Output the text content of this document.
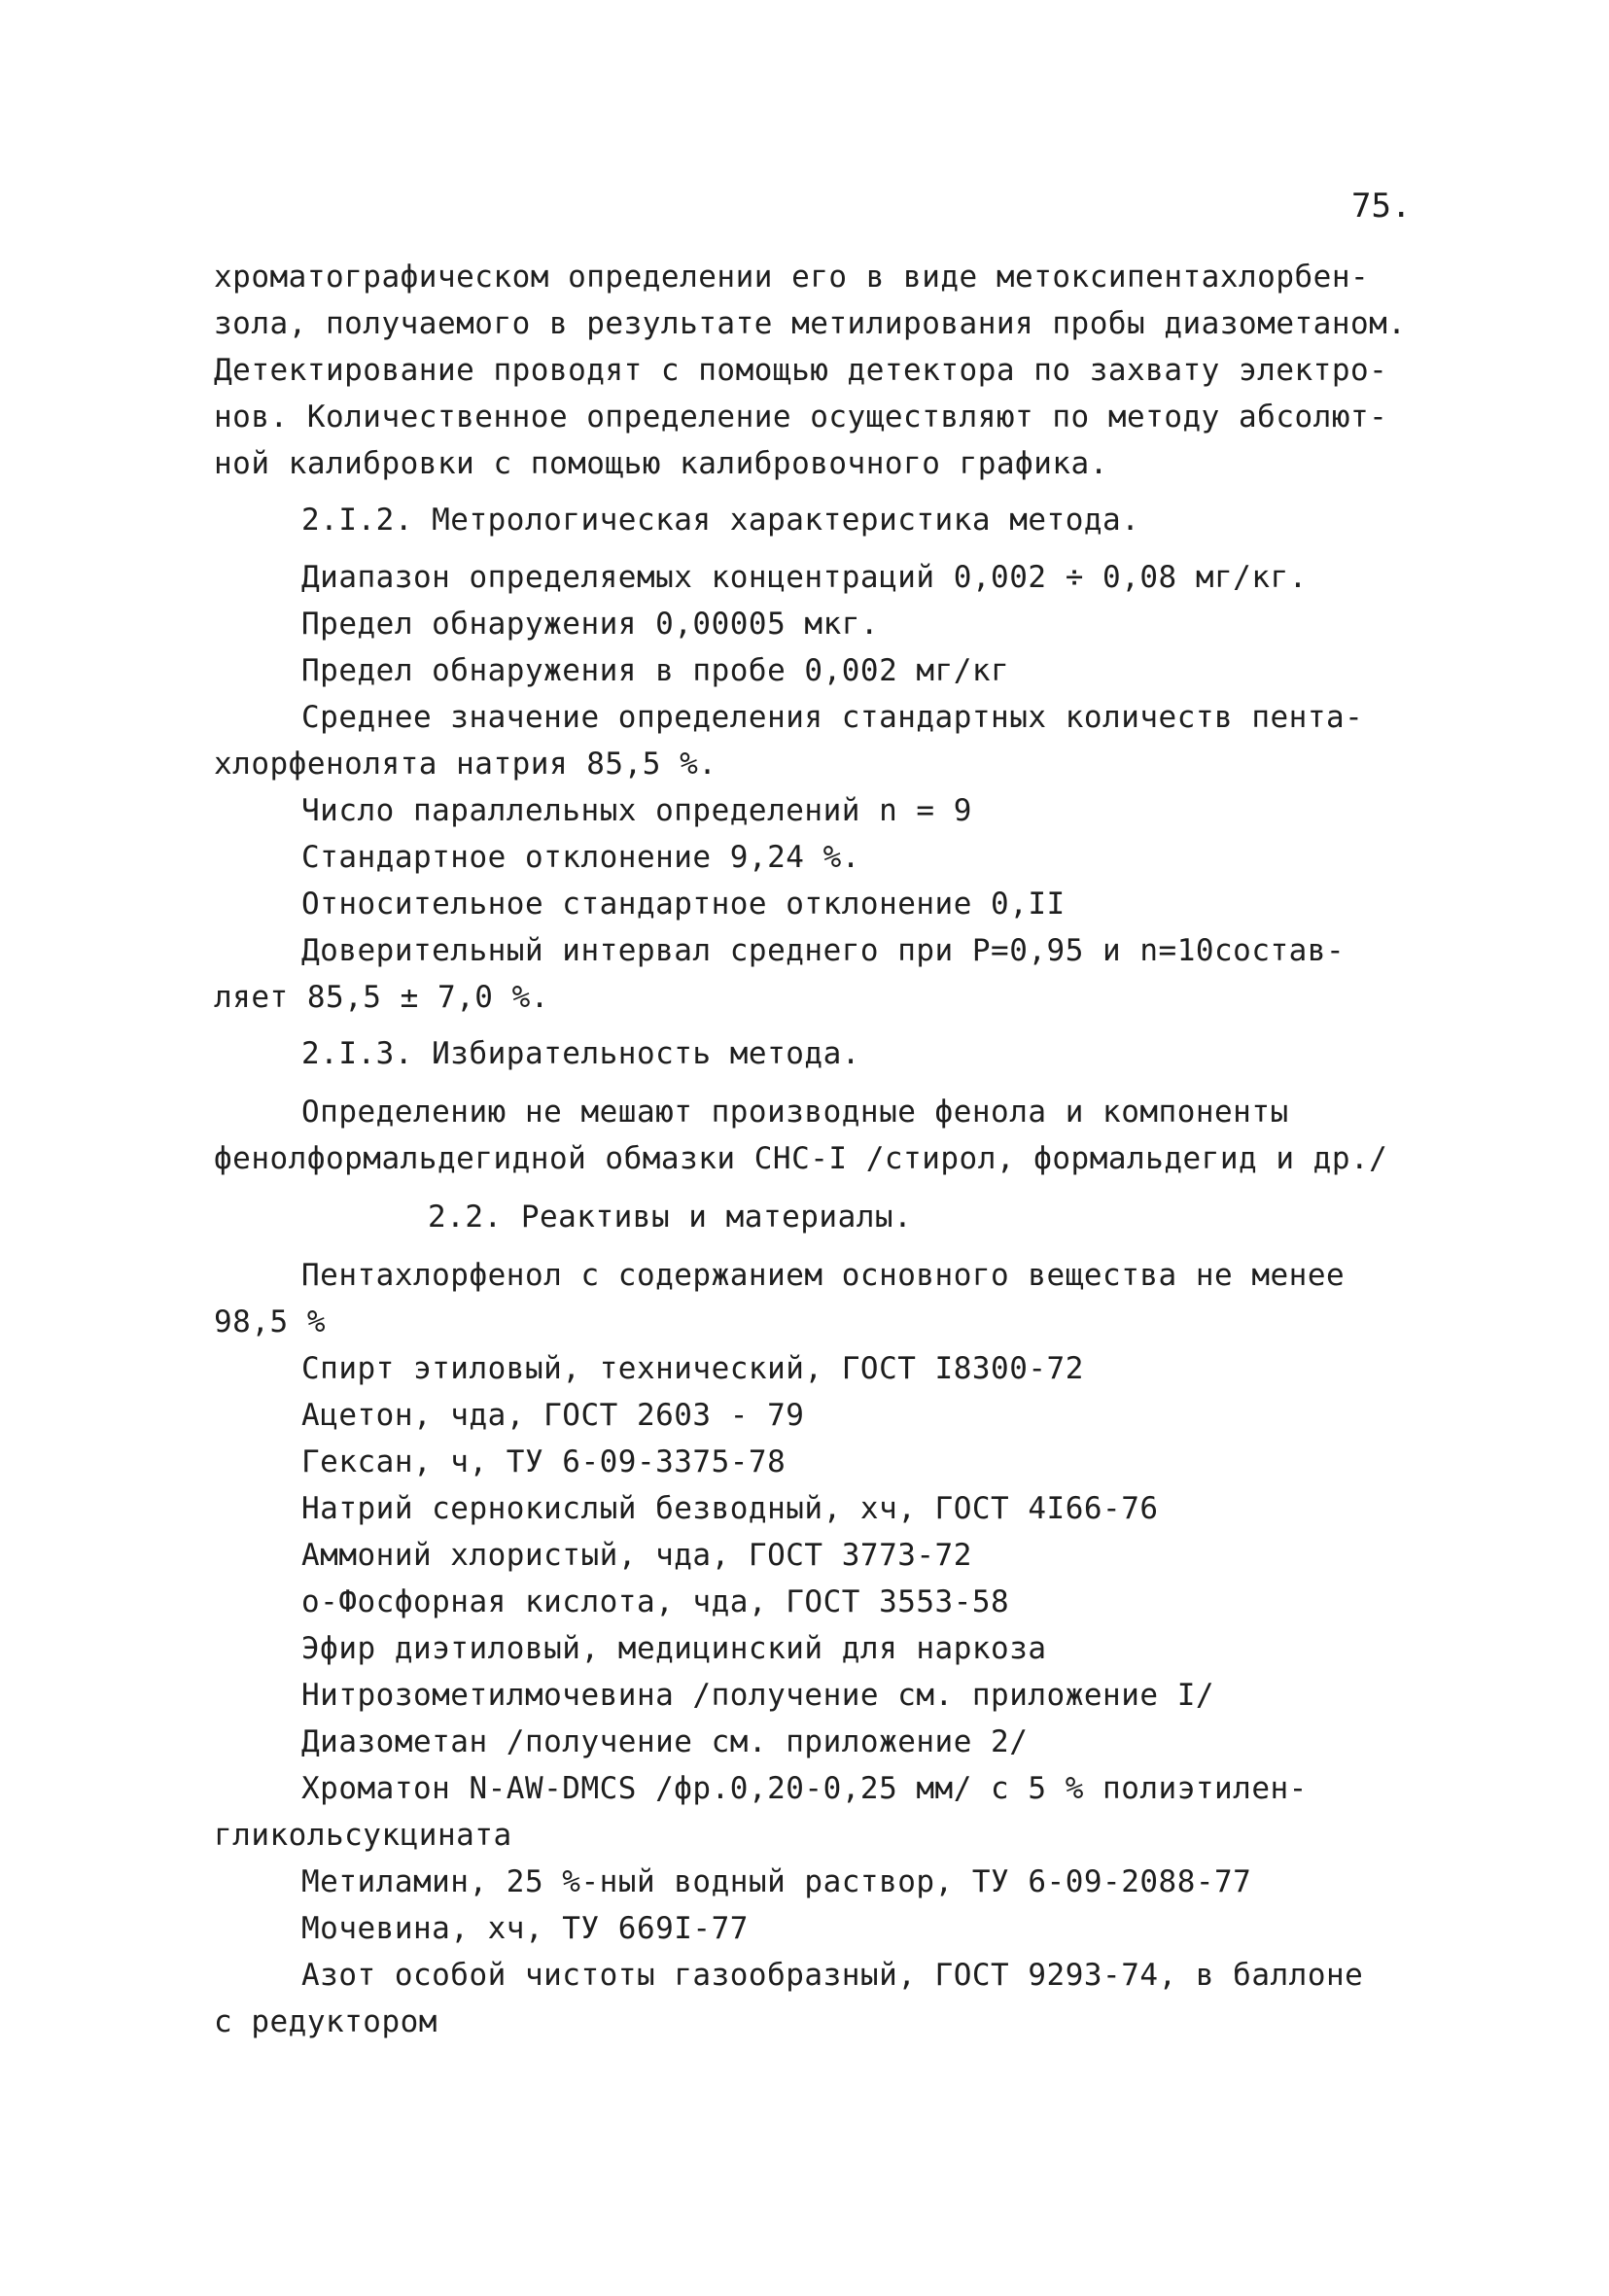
75.
хроматографическом определении его в виде метоксипентахлорбен-
зола, получаемого в результате метилирования пробы диазометаном.
Детектирование проводят с помощью детектора по захвату электро-
нов. Количественное определение осуществляют по методу абсолют-
ной калибровки с помощью калибровочного графика.
2.I.2. Метрологическая характеристика метода.
Диапазон определяемых концентраций 0,002 ÷ 0,08 мг/кг.
Предел обнаружения 0,00005 мкг.
Предел обнаружения в пробе 0,002 мг/кг
Среднее значение определения стандартных количеств пента-
хлорфенолята натрия 85,5 %.
Число параллельных определений n = 9
Стандартное отклонение 9,24 %.
Относительное стандартное отклонение 0,II
Доверительный интервал среднего при P=0,95 и n=10состав-
ляет 85,5 ± 7,0 %.
2.I.3. Избирательность метода.
Определению не мешают производные фенола и компоненты
фенолформальдегидной обмазки СНС-I /стирол, формальдегид и др./
2.2. Реактивы и материалы.
Пентахлорфенол с содержанием основного вещества не менее
98,5 %
Спирт этиловый, технический, ГОСТ I8300-72
Ацетон, чда, ГОСТ 2603 - 79
Гексан, ч, ТУ 6-09-3375-78
Натрий сернокислый безводный, хч, ГОСТ 4I66-76
Аммоний хлористый, чда, ГОСТ 3773-72
о-Фосфорная кислота, чда, ГОСТ 3553-58
Эфир диэтиловый, медицинский для наркоза
Нитрозометилмочевина /получение см. приложение I/
Диазометан /получение см. приложение 2/
Хроматон N-AW-DMCS /фр.0,20-0,25 мм/ с 5 % полиэтилен-
гликольсукцината
Метиламин, 25 %-ный водный раствор, ТУ 6-09-2088-77
Мочевина, хч, ТУ 669I-77
Азот особой чистоты газообразный, ГОСТ 9293-74, в баллоне
с редуктором
